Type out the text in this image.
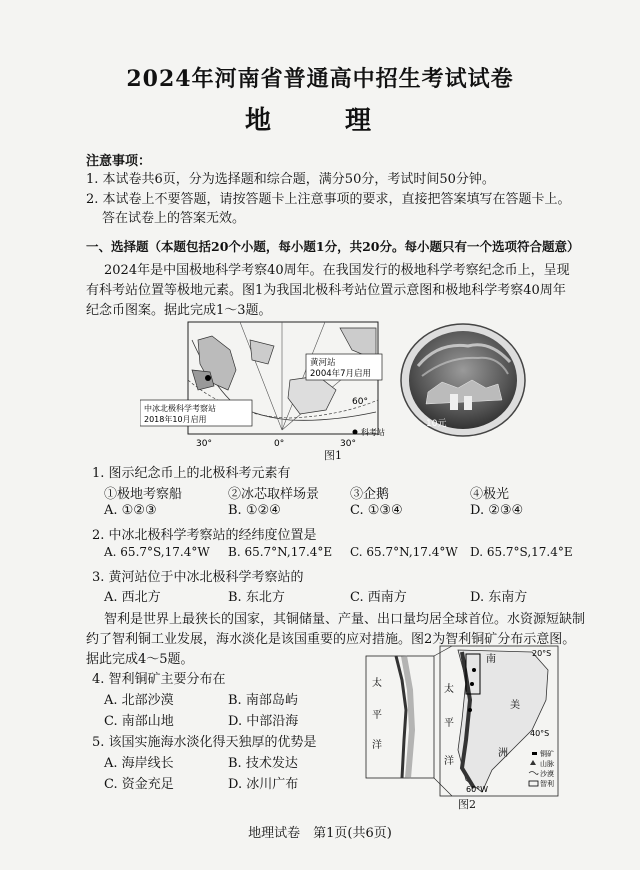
2024年河南省普通高中招生考试试卷
地　理
注意事项：
1. 本试卷共6页，分为选择题和综合题，满分50分，考试时间50分钟。
2. 本试卷上不要答题，请按答题卡上注意事项的要求，直接把答案填写在答题卡上。
答在试卷上的答案无效。
一、选择题（本题包括20个小题，每小题1分，共20分。每小题只有一个选项符合题意）
2024年是中国极地科学考察40周年。在我国发行的极地科学考察纪念币上，呈现
有科考站位置等极地元素。图1为我国北极科考站位置示意图和极地科学考察40周年
纪念币图案。据此完成1～3题。
黄河站
2004年7月启用
中冰北极科学考察站
2018年10月启用
60°
30°	0°	30°
科考站
10元
图1
1. 图示纪念币上的北极科考元素有
①极地考察船	②冰芯取样场景 ③企鹅	④极光
A. ①②③	B. ①②④	C. ①③④	D. ②③④
2. 中冰北极科学考察站的经纬度位置是
A. 65.7°S,17.4°W B. 65.7°N,17.4°E C. 65.7°N,17.4°W D. 65.7°S,17.4°E
3. 黄河站位于中冰北极科学考察站的
A. 西北方	B. 东北方	C. 西南方	D. 东南方
智利是世界上最狭长的国家，其铜储量、产量、出口量均居全球首位。水资源短缺制
约了智利铜工业发展，海水淡化是该国重要的应对措施。图2为智利铜矿分布示意图。
据此完成4～5题。
4. 智利铜矿主要分布在
A. 北部沙漠	B. 南部岛屿
C. 南部山地	D. 中部沿海
5. 该国实施海水淡化得天独厚的优势是
A. 海岸线长	B. 技术发达
C. 资金充足	D. 冰川广布
20°S
40°S
60°W
太
平
洋
太
平
洋
南
美
洲	铜矿
山脉
沙漠
智利
图2
地理试卷　第1页(共6页)
